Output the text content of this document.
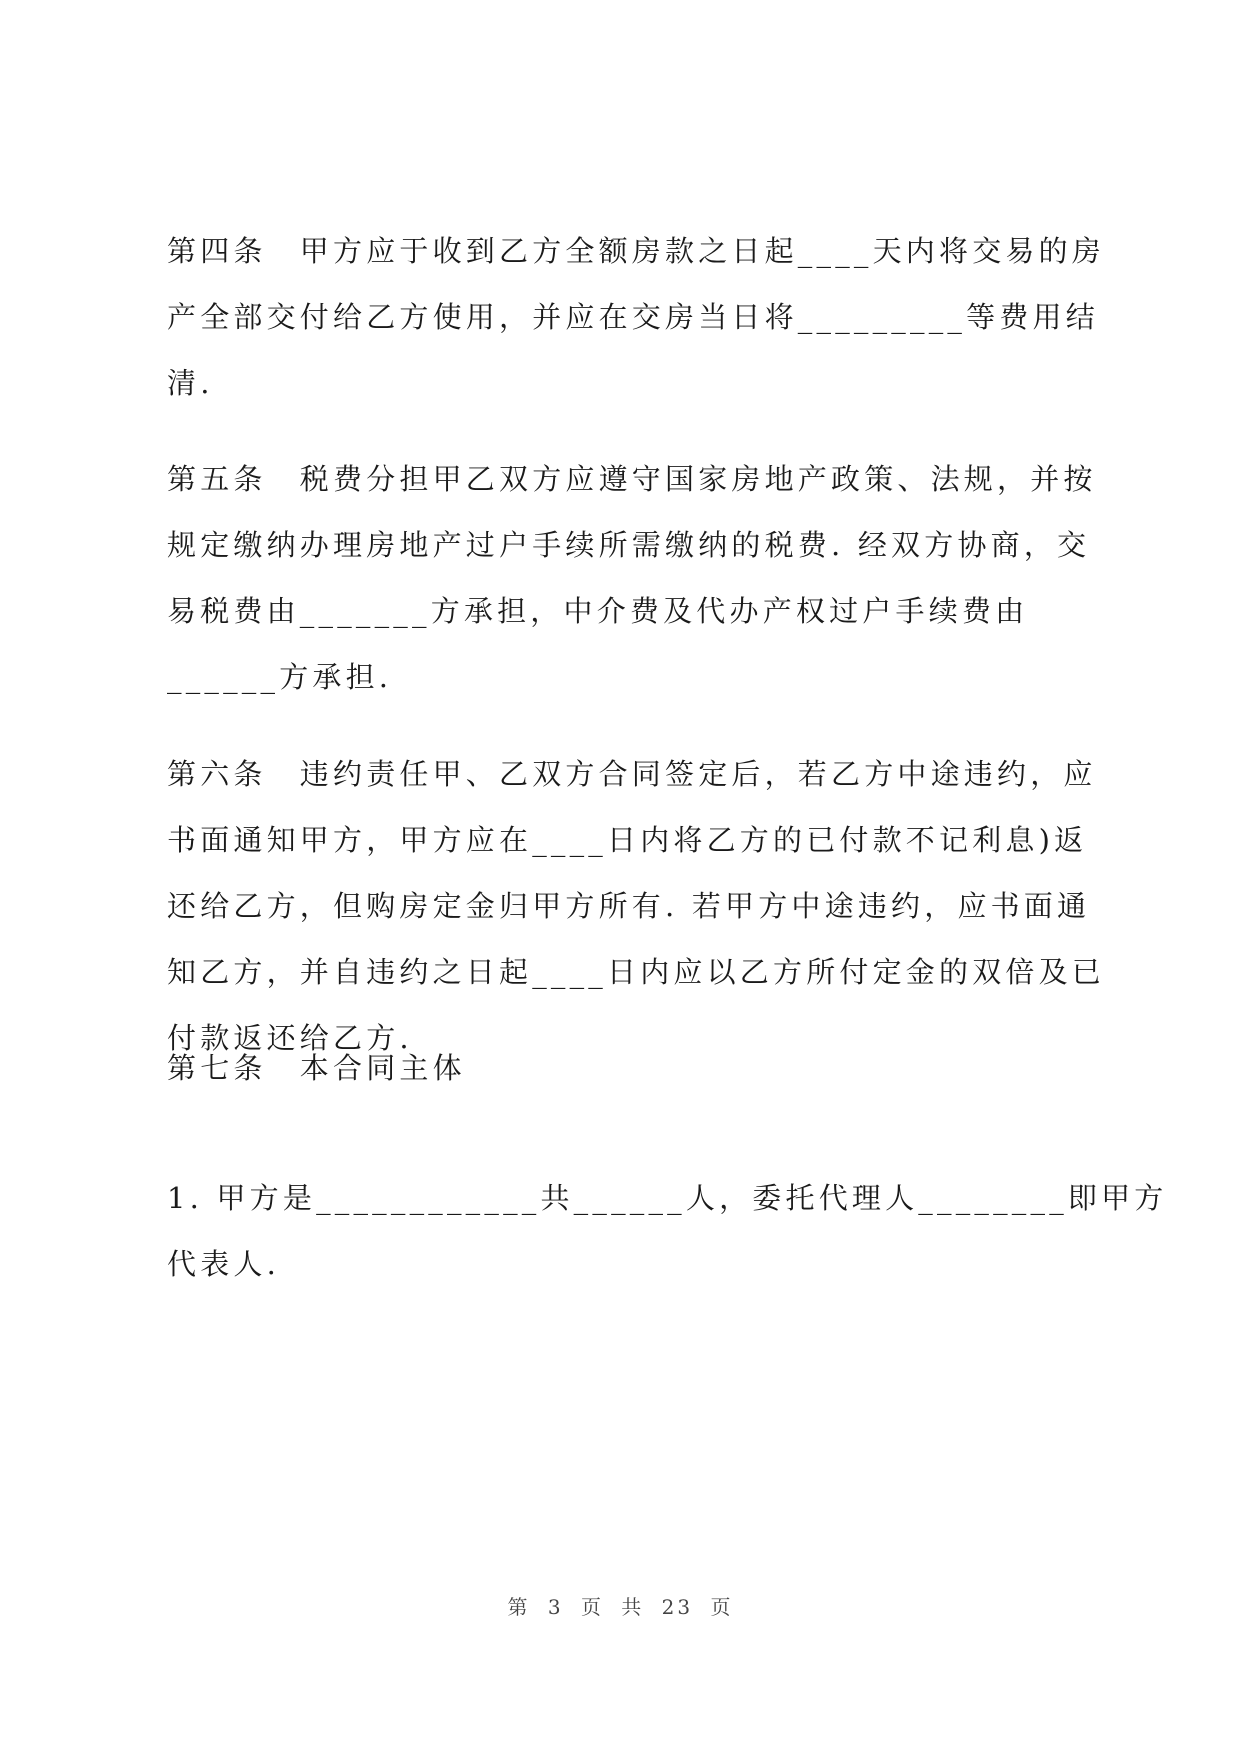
第四条　甲方应于收到乙方全额房款之日起____天内将交易的房
产全部交付给乙方使用，并应在交房当日将_________等费用结
清.
第五条　税费分担甲乙双方应遵守国家房地产政策、法规，并按
规定缴纳办理房地产过户手续所需缴纳的税费. 经双方协商，交
易税费由_______方承担，中介费及代办产权过户手续费由
______方承担.
第六条　违约责任甲、乙双方合同签定后，若乙方中途违约，应
书面通知甲方，甲方应在____日内将乙方的已付款不记利息)返
还给乙方，但购房定金归甲方所有. 若甲方中途违约，应书面通
知乙方，并自违约之日起____日内应以乙方所付定金的双倍及已
付款返还给乙方.
第七条　本合同主体
1. 甲方是____________共______人，委托代理人________即甲方
代表人.
第 3 页 共 23 页
